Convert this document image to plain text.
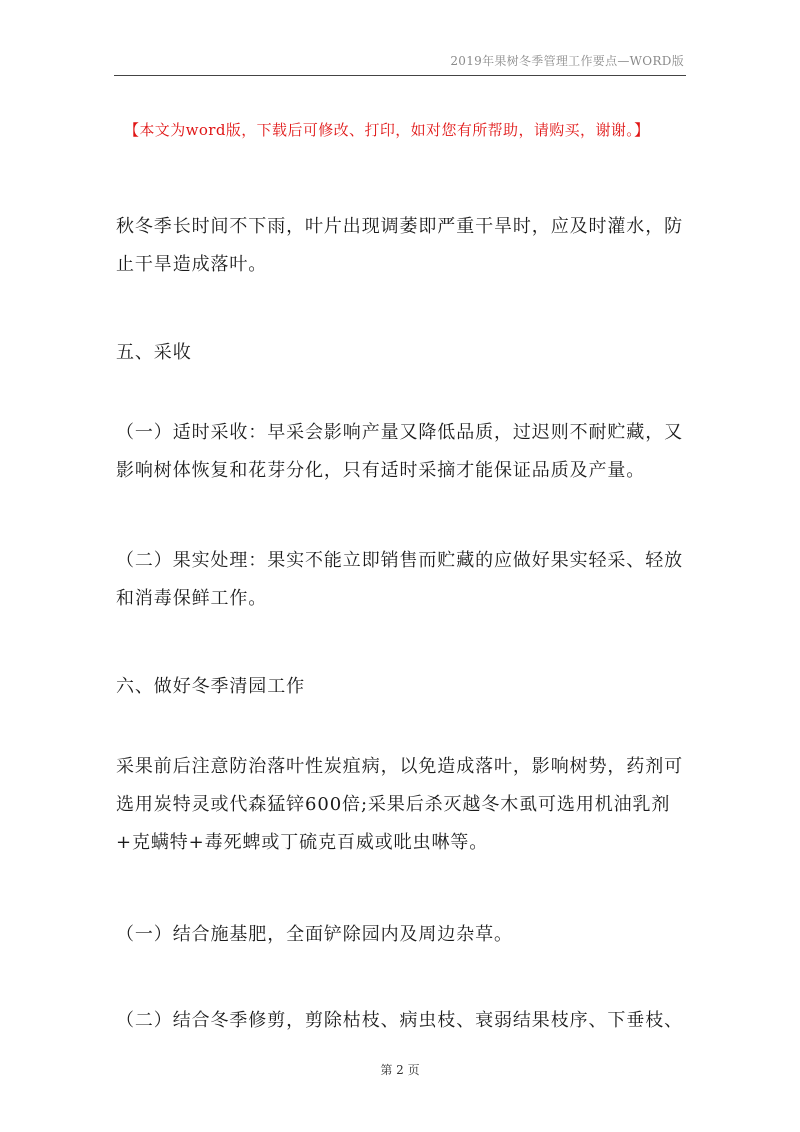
2019年果树冬季管理工作要点—WORD版
【本文为word版，下载后可修改、打印，如对您有所帮助，请购买，谢谢。】

秋冬季长时间不下雨，叶片出现调萎即严重干旱时，应及时灌水，防止干旱造成落叶。

五、采收

（一）适时采收：早采会影响产量又降低品质，过迟则不耐贮藏，又影响树体恢复和花芽分化，只有适时采摘才能保证品质及产量。

（二）果实处理：果实不能立即销售而贮藏的应做好果实轻采、轻放和消毒保鲜工作。

六、做好冬季清园工作

采果前后注意防治落叶性炭疽病，以免造成落叶，影响树势，药剂可选用炭特灵或代森猛锌600倍;采果后杀灭越冬木虱可选用机油乳剂+克螨特+毒死蜱或丁硫克百威或吡虫啉等。

（一）结合施基肥，全面铲除园内及周边杂草。

（二）结合冬季修剪，剪除枯枝、病虫枝、衰弱结果枝序、下垂枝、

第 2 页
